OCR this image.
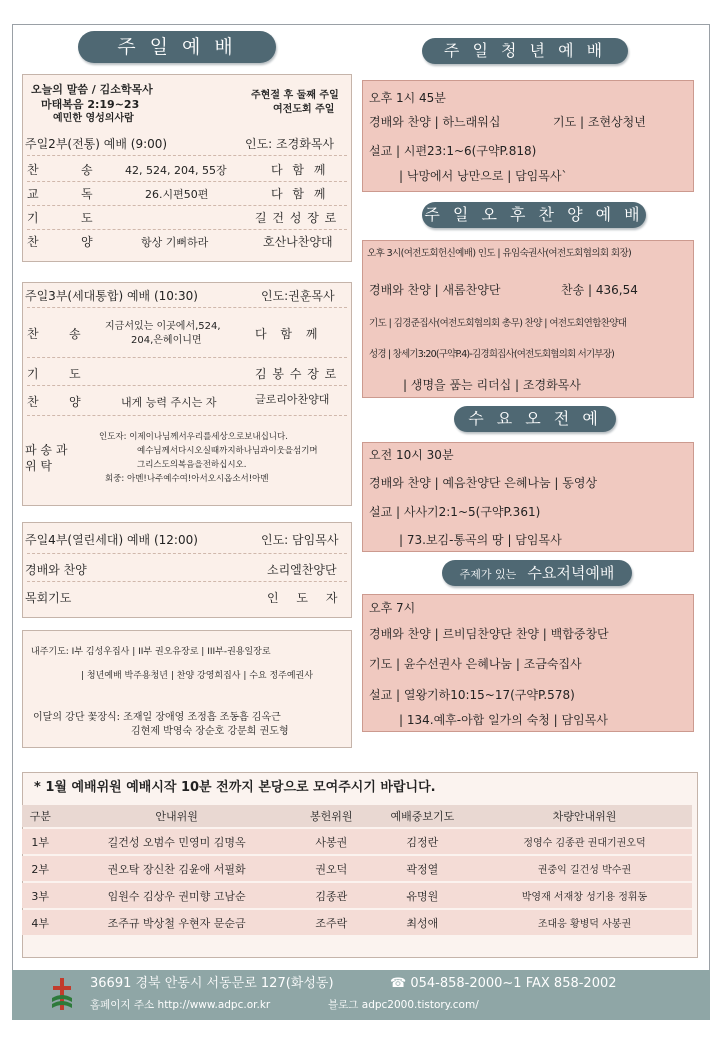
주 일 예 배
오늘의 말씀 / 김소학목사
마태복음 2:19~23
예민한 영성의사람
주현절 후 둘째 주일
여전도회 주일
주일2부(전통) 예배 (9:00)	인도: 조경화목사
찬	송	42, 524, 204, 55장	다 함 께
교	독	26.시편50편	다 함 께
기	도	길 건 성 장 로
찬	양	항상 기뻐하라	호산나찬양대
주일3부(세대통합) 예배 (10:30)	인도:권훈목사
찬	송
지금서있는 이곳에서,524,
204,은혜이니면	다 함 께
기	도	김 봉 수 장 로
찬	양	내게 능력 주시는 자	글로리아찬양대
파 송 과
위 탁
인도자: 이제이나님께서우리를세상으로보내십니다.
예수님께서다시오실때까지하나님과이웃을섬기며
그리스도의복음을전하십시오.
회중: 아멘!나주예수여!아서오시옵소서!아멘
주일4부(열린세대) 예배 (12:00)	인도: 담임목사
경배와 찬양	소리엘찬양단
목회기도	인 도 자
내주기도: I부 김성우집사 | II부 권오유장로 | III부-권용일장로
| 청년예배 박주용청년 | 찬양 강영희집사 | 수요 정주예권사
이달의 강단 꽃장식: 조재일 장애영 조정흠 조동흠 김옥근
김현제 박영숙 장순호 강문희 권도형
주 일 청 년 예 배
오후 1시 45분
경배와 찬양 | 하느래워십	기도 | 조현상청년
설교 | 시편23:1~6(구약P.818)
| 낙망에서 낭만으로 | 담임목사`
주 일 오 후 찬 양 예 배
오후 3시(여전도회헌신예배) 인도 | 유임숙권사(여전도회협의회 회장)
경배와 찬양 | 새롬찬양단	찬송 | 436,54
기도 | 김경준집사(여전도회협의회 총무) 찬양 | 여전도회연합찬양대
성경 | 창세기3:20(구약P.4)-김경희집사(여전도회협의회 서기부장)
| 생명을 품는 리더십 | 조경화목사
수 요 오 전 예
오전 10시 30분
경배와 찬양 | 예음찬양단 은혜나눔 | 동영상
설교 | 사사기2:1~5(구약P.361)
| 73.보김-통곡의 땅 | 담임목사
주제가 있는 수요저녁예배
오후 7시
경배와 찬양 | 르비딤찬양단 찬양 | 백합중창단
기도 | 윤수선권사 은혜나눔 | 조금숙집사
설교 | 열왕기하10:15~17(구약P.578)
| 134.예후-아합 일가의 숙청 | 담임목사
* 1월 예배위원 예배시작 10분 전까지 본당으로 모여주시기 바랍니다.
구분	안내위원	봉헌위원	예배중보기도	차량안내위원
1부	길건성 오범수 민영미 김명옥	사봉권	김정란	정영수 김종관 권대기권오덕
2부	권오탁 장신찬 김윤애 서필화	권오덕	곽정열	권중익 길건성 박수권
3부	임원수 김상우 권미향 고남순	김종관	유명원	박영재 서재창 성기용 정휘동
4부	조주규 박상철 우현자 문순금	조주락	최성애	조대응 황병덕 사봉권
36691 경북 안동시 서동문로 127(화성동)	☎ 054-858-2000~1 FAX 858-2002
홈페이지 주소 http://www.adpc.or.kr	블로그 adpc2000.tistory.com/
